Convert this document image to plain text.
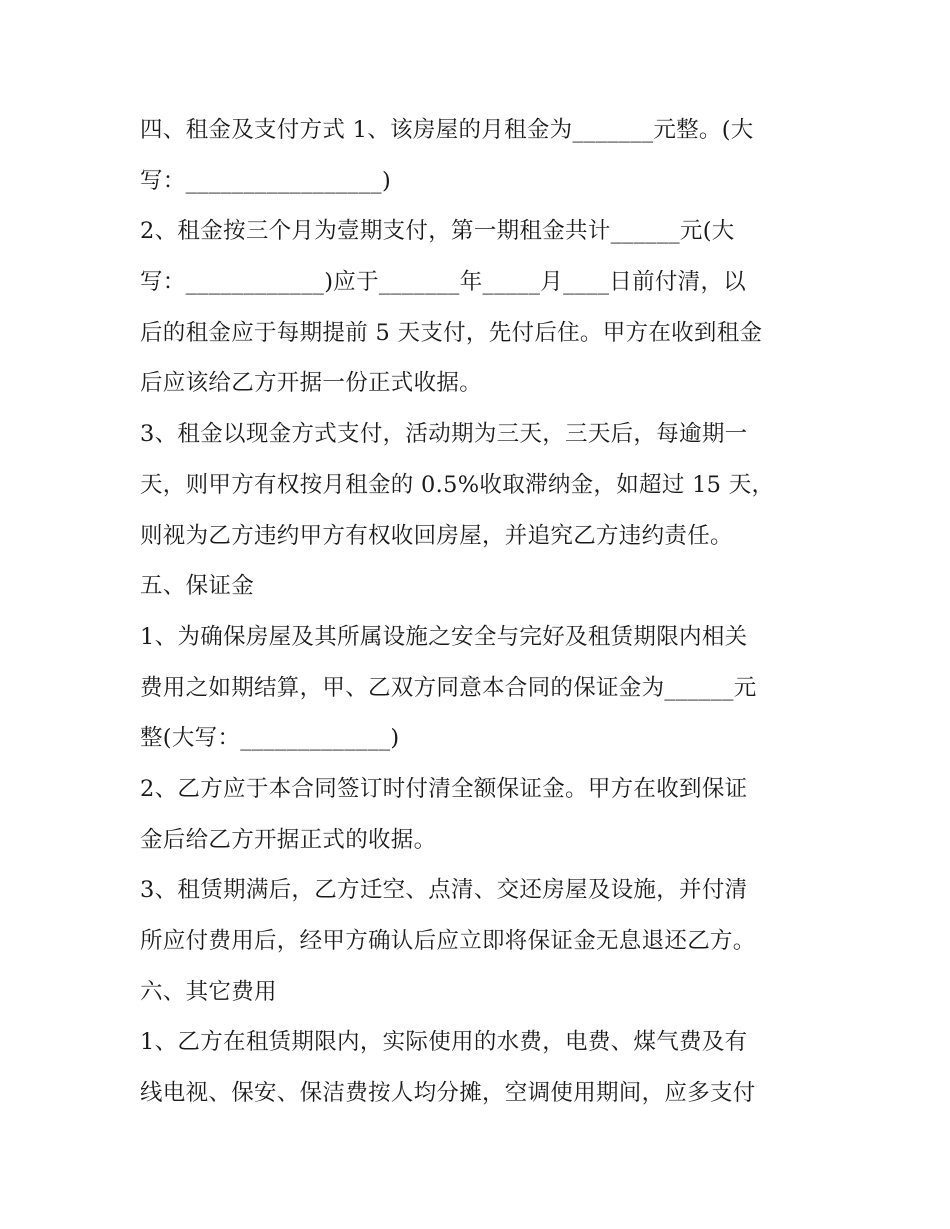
四、租金及支付方式 1、该房屋的月租金为_______元整。(大
写：_________________)
2、租金按三个月为壹期支付，第一期租金共计______元(大
写：____________)应于_______年_____月____日前付清，以
后的租金应于每期提前 5 天支付，先付后住。甲方在收到租金
后应该给乙方开据一份正式收据。
3、租金以现金方式支付，活动期为三天，三天后，每逾期一
天，则甲方有权按月租金的 0.5%收取滞纳金，如超过 15 天，
则视为乙方违约甲方有权收回房屋，并追究乙方违约责任。
五、保证金
1、为确保房屋及其所属设施之安全与完好及租赁期限内相关
费用之如期结算，甲、乙双方同意本合同的保证金为______元
整(大写：_____________)
2、乙方应于本合同签订时付清全额保证金。甲方在收到保证
金后给乙方开据正式的收据。
3、租赁期满后，乙方迁空、点清、交还房屋及设施，并付清
所应付费用后，经甲方确认后应立即将保证金无息退还乙方。
六、其它费用
1、乙方在租赁期限内，实际使用的水费，电费、煤气费及有
线电视、保安、保洁费按人均分摊，空调使用期间，应多支付
